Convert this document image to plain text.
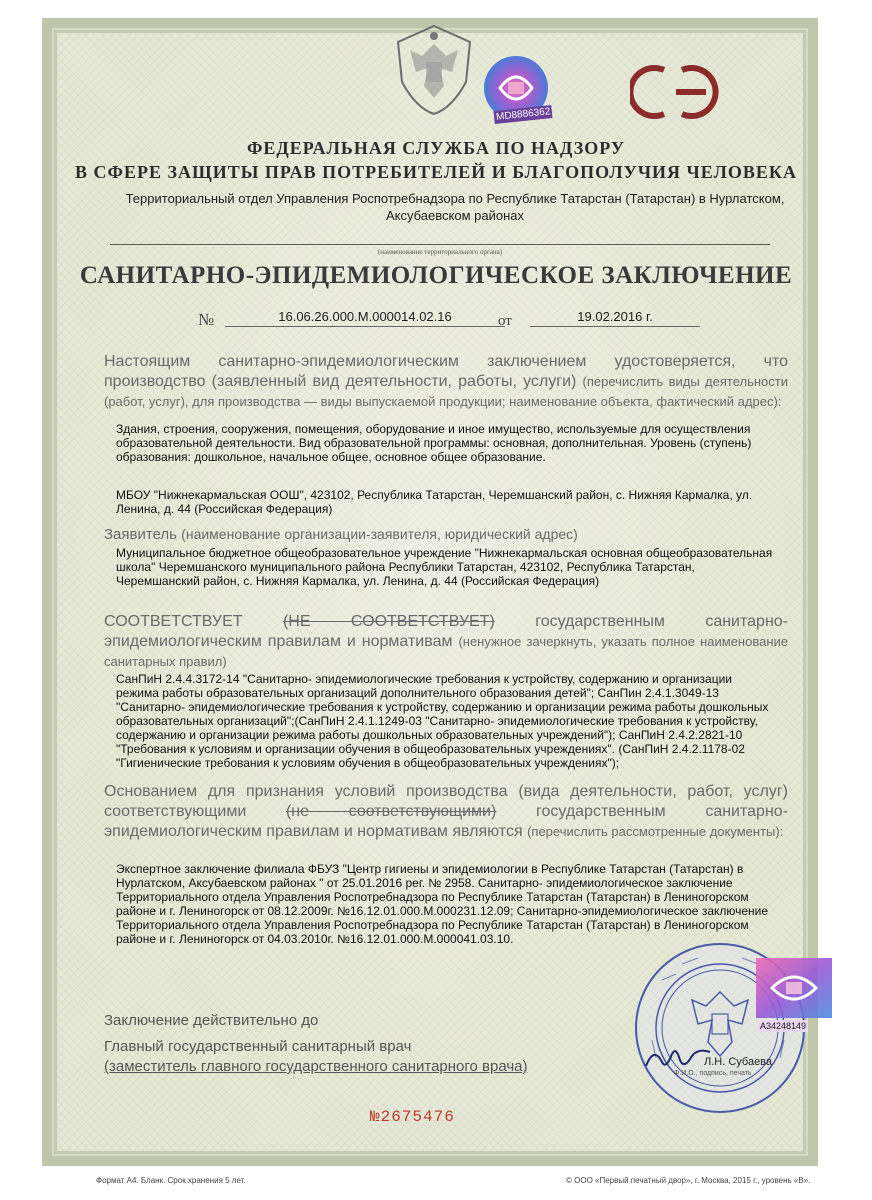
MD8886362
ФЕДЕРАЛЬНАЯ СЛУЖБА ПО НАДЗОРУ
В СФЕРЕ ЗАЩИТЫ ПРАВ ПОТРЕБИТЕЛЕЙ И БЛАГОПОЛУЧИЯ ЧЕЛОВЕКА
Территориальный отдел Управления Роспотребнадзора по Республике Татарстан (Татарстан) в Нурлатском, Аксубаевском районах
(наименование территориального органа)
САНИТАРНО-ЭПИДЕМИОЛОГИЧЕСКОЕ ЗАКЛЮЧЕНИЕ
№	16.06.26.000.М.000014.02.16	от	19.02.2016 г.
Настоящим санитарно-эпидемиологическим заключением удостоверяется, что производство (заявленный вид деятельности, работы, услуги) (перечислить виды деятельности (работ, услуг), для производства — виды выпускаемой продукции; наименование объекта, фактический адрес):
Здания, строения, сооружения, помещения, оборудование и иное имущество, используемые для осуществления образовательной деятельности. Вид образовательной программы: основная, дополнительная. Уровень (ступень) образования: дошкольное, начальное общее, основное общее образование.
МБОУ "Нижнекармальская ООШ", 423102, Республика Татарстан, Черемшанский район, с. Нижняя Кармалка, ул. Ленина, д. 44 (Российская Федерация)
Заявитель (наименование организации-заявителя, юридический адрес)
Муниципальное бюджетное общеобразовательное учреждение "Нижнекармальская основная общеобразовательная школа" Черемшанского муниципального района Республики Татарстан, 423102, Республика Татарстан, Черемшанский район, с. Нижняя Кармалка, ул. Ленина, д. 44 (Российская Федерация)
СООТВЕТСТВУЕТ	(НЕ СООТВЕТСТВУЕТ)	государственным санитарно-эпидемиологическим правилам и нормативам (ненужное зачеркнуть, указать полное наименование санитарных правил)
СанПиН 2.4.4.3172-14 "Санитарно- эпидемиологические требования к устройству, содержанию и организации режима работы образовательных организаций дополнительного образования детей"; СанПин 2.4.1.3049-13 "Санитарно- эпидемиологические требования к устройству, содержанию и организации режима работы дошкольных образовательных организаций";(СанПиН 2.4.1.1249-03 "Санитарно- эпидемиологические требования к устройству, содержанию и организации режима работы дошкольных образовательных учреждений"); СанПиН 2.4.2.2821-10 "Требования к условиям и организации обучения в общеобразовательных учреждениях". (СанПиН 2.4.2.1178-02 "Гигиенические требования к условиям обучения в общеобразовательных учреждениях");
Основанием для признания условий производства (вида деятельности, работ, услуг) соответствующими (не соответствующими) государственным санитарно-эпидемиологическим правилам и нормативам являются (перечислить рассмотренные документы):
Экспертное заключение филиала ФБУЗ "Центр гигиены и эпидемиологии в Республике Татарстан (Татарстан) в Нурлатском, Аксубаевском районах " от 25.01.2016 рег. № 2958. Санитарно- эпидемиологическое заключение Территориального отдела Управления Роспотребнадзора по Республике Татарстан (Татарстан) в Лениногорском районе и г. Лениногорск от 08.12.2009г. №16.12.01.000.М.000231.12.09; Санитарно-эпидемиологическое заключение Территориального отдела Управления Роспотребнадзора по Республике Татарстан (Татарстан) в Лениногорском районе и г. Лениногорск от 04.03.2010г. №16.12.01.000.М.000041.03.10.
A34248149
Заключение действительно до
Главный государственный санитарный врач
(заместитель главного государственного санитарного врача)	Л.Н. Субаева
Ф.И.О., подпись, печать
№2675476
Формат А4. Бланк. Срок хранения 5 лет.	© ООО «Первый печатный двор», г. Москва, 2015 г., уровень «В».
